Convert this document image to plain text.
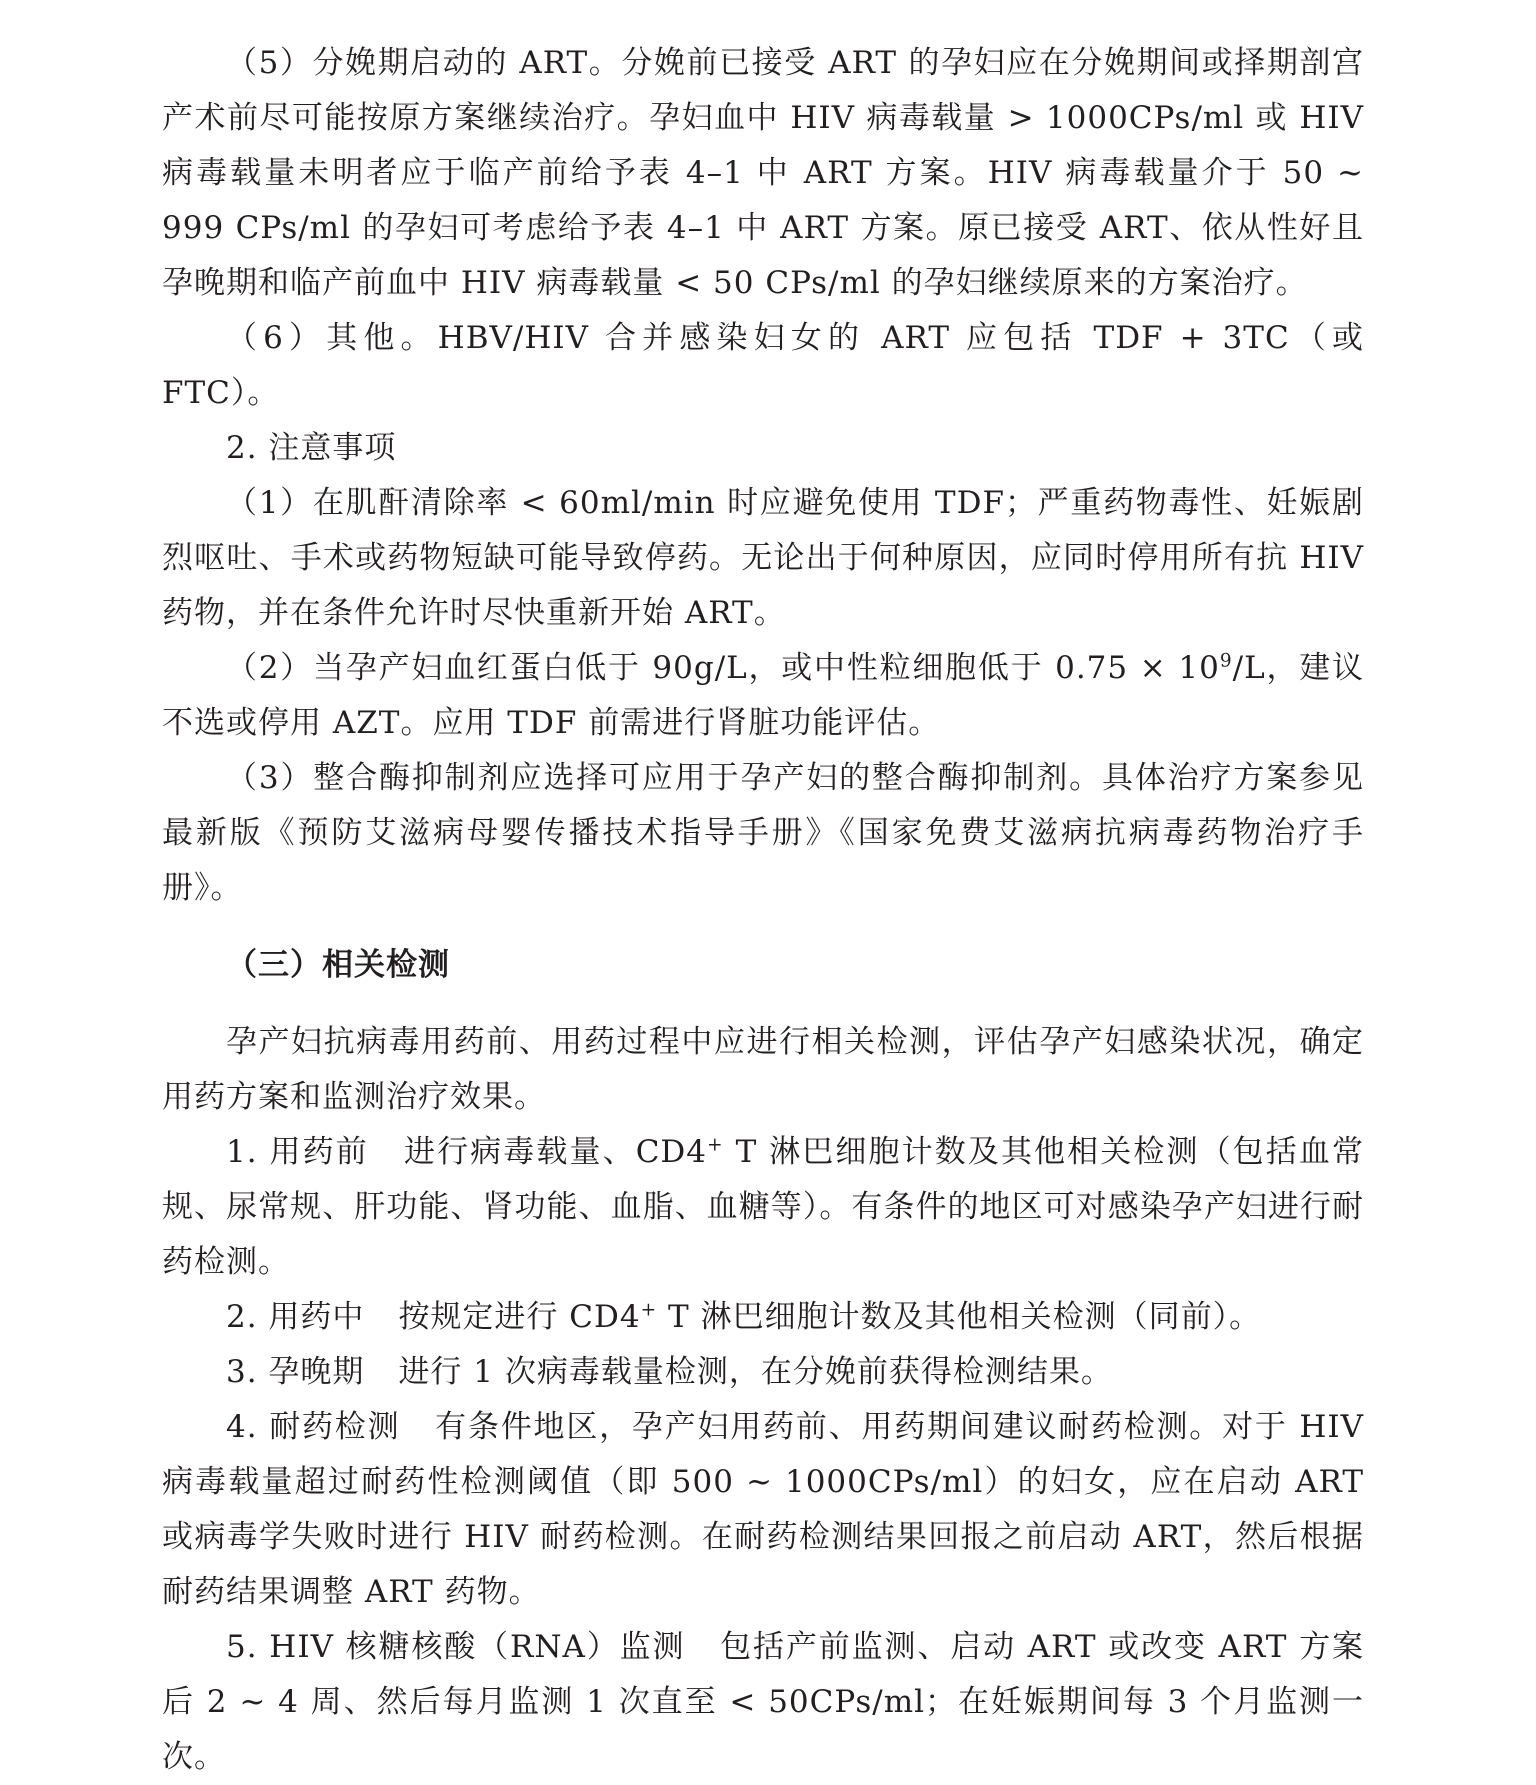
（5）分娩期启动的 ART。分娩前已接受 ART 的孕妇应在分娩期间或择期剖宫产术前尽可能按原方案继续治疗。孕妇血中 HIV 病毒载量 > 1000CPs/ml 或 HIV 病毒载量未明者应于临产前给予表 4–1 中 ART 方案。HIV 病毒载量介于 50 ~ 999 CPs/ml 的孕妇可考虑给予表 4–1 中 ART 方案。原已接受 ART、依从性好且孕晚期和临产前血中 HIV 病毒载量 < 50 CPs/ml 的孕妇继续原来的方案治疗。

（6）其他。HBV/HIV 合并感染妇女的 ART 应包括 TDF + 3TC（或 FTC）。

2. 注意事项

（1）在肌酐清除率 < 60ml/min 时应避免使用 TDF；严重药物毒性、妊娠剧烈呕吐、手术或药物短缺可能导致停药。无论出于何种原因，应同时停用所有抗 HIV 药物，并在条件允许时尽快重新开始 ART。

（2）当孕产妇血红蛋白低于 90g/L，或中性粒细胞低于 $0.75 \times 10^9/L$，建议不选或停用 AZT。应用 TDF 前需进行肾脏功能评估。

（3）整合酶抑制剂应选择可应用于孕产妇的整合酶抑制剂。具体治疗方案参见最新版《预防艾滋病母婴传播技术指导手册》《国家免费艾滋病抗病毒药物治疗手册》。

（三）相关检测

孕产妇抗病毒用药前、用药过程中应进行相关检测，评估孕产妇感染状况，确定用药方案和监测治疗效果。

1. 用药前 进行病毒载量、CD4+ T 淋巴细胞计数及其他相关检测（包括血常规、尿常规、肝功能、肾功能、血脂、血糖等）。有条件的地区可对感染孕产妇进行耐药检测。

2. 用药中 按规定进行 CD4+ T 淋巴细胞计数及其他相关检测（同前）。

3. 孕晚期 进行 1 次病毒载量检测，在分娩前获得检测结果。

4. 耐药检测 有条件地区，孕产妇用药前、用药期间建议耐药检测。对于 HIV 病毒载量超过耐药性检测阈值（即 500 ~ 1000CPs/ml）的妇女，应在启动 ART 或病毒学失败时进行 HIV 耐药检测。在耐药检测结果回报之前启动 ART，然后根据耐药结果调整 ART 药物。

5. HIV 核糖核酸（RNA）监测 包括产前监测、启动 ART 或改变 ART 方案后 2 ~ 4 周、然后每月监测 1 次直至 < 50CPs/ml；在妊娠期间每 3 个月监测一次。
